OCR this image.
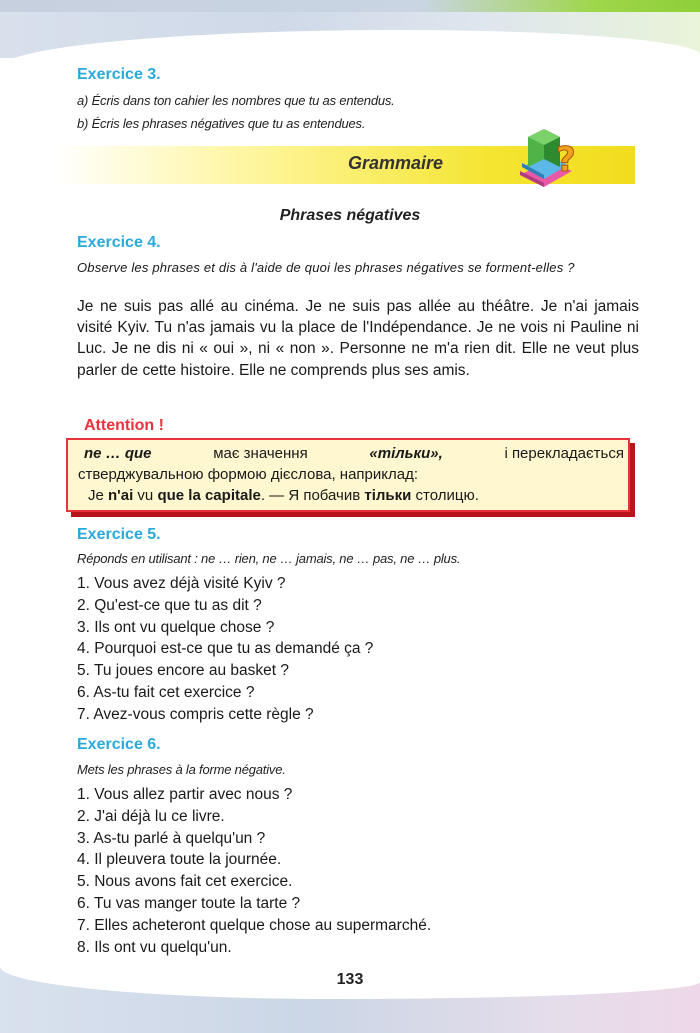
Exercice 3.
a) Écris dans ton cahier les nombres que tu as entendus.
b) Écris les phrases négatives que tu as entendues.
Grammaire	?
Phrases négatives
Exercice 4.
Observe les phrases et dis à l'aide de quoi les phrases négatives se forment-elles ?
Je ne suis pas allé au cinéma. Je ne suis pas allée au théâtre. Je n'ai jamais visité Kyiv. Tu n'as jamais vu la place de l'Indépendance. Je ne vois ni Pauline ni Luc. Je ne dis ni « oui », ni « non ». Personne ne m'a rien dit. Elle ne veut plus parler de cette histoire. Elle ne comprends plus ses amis.
Attention !
ne … que	має значення	«тільки»,	і перекладається
стверджувальною формою дієслова, наприклад:
Je n'ai vu que la capitale. — Я побачив тільки столицю.
Exercice 5.
Réponds en utilisant : ne … rien, ne … jamais, ne … pas, ne … plus.
1. Vous avez déjà visité Kyiv ?
2. Qu'est-ce que tu as dit ?
3. Ils ont vu quelque chose ?
4. Pourquoi est-ce que tu as demandé ça ?
5. Tu joues encore au basket ?
6. As-tu fait cet exercice ?
7. Avez-vous compris cette règle ?
Exercice 6.
Mets les phrases à la forme négative.
1. Vous allez partir avec nous ?
2. J'ai déjà lu ce livre.
3. As-tu parlé à quelqu'un ?
4. Il pleuvera toute la journée.
5. Nous avons fait cet exercice.
6. Tu vas manger toute la tarte ?
7. Elles acheteront quelque chose au supermarché.
8. Ils ont vu quelqu'un.
133
